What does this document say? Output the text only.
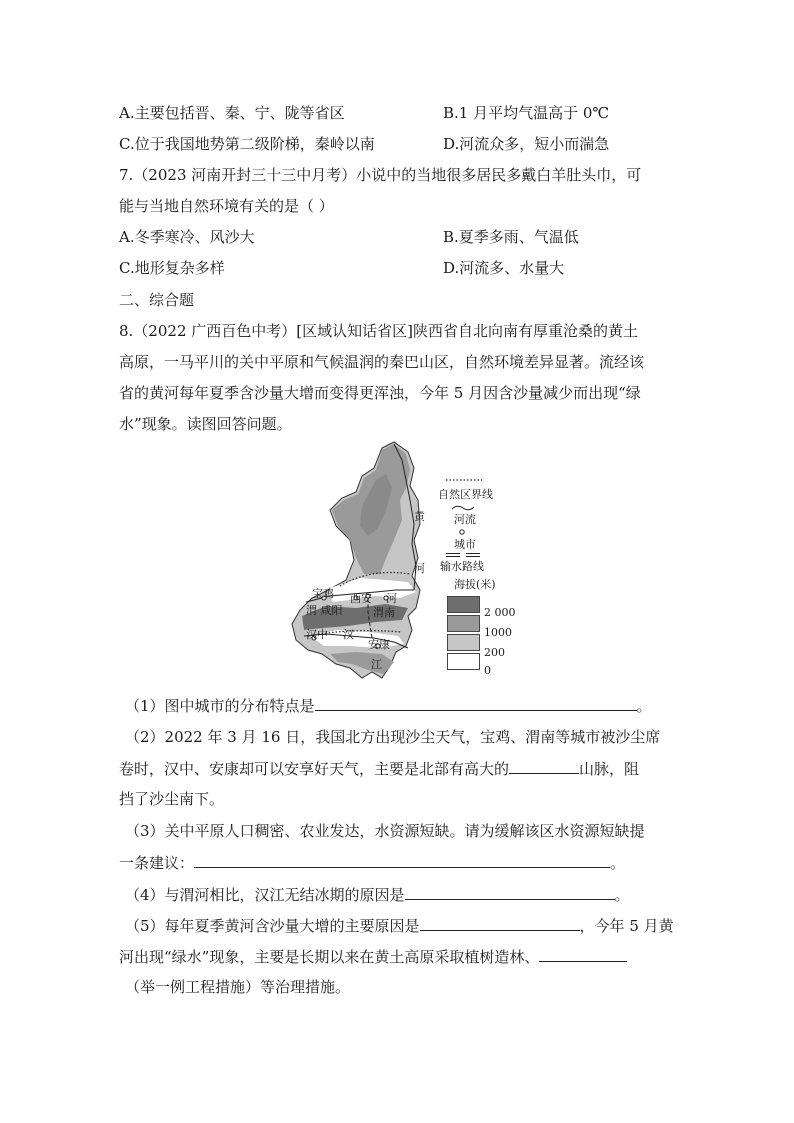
A.主要包括晋、秦、宁、陇等省区	B.1 月平均气温高于 0℃
C.位于我国地势第二级阶梯，秦岭以南	D.河流众多，短小而湍急
7.（2023 河南开封三十三中月考）小说中的当地很多居民多戴白羊肚头巾，可
能与当地自然环境有关的是（ ）
A.冬季寒冷、风沙大	B.夏季多雨、气温低
C.地形复杂多样	D.河流多、水量大
二、综合题
8.（2022 广西百色中考）[区域认知话省区]陕西省自北向南有厚重沧桑的黄土
高原，一马平川的关中平原和气候温润的秦巴山区，自然环境差异显著。流经该
省的黄河每年夏季含沙量大增而变得更浑浊，今年 5 月因含沙量减少而出现“绿
水”现象。读图回答问题。
黄
河
宝鸡 西安 河
渭 咸阳	渭南
汉中 汉
安康
江
自然区界线
河流
城市
输水路线
海拔(米)
2 000
1000
200
0
（1）图中城市的分布特点是	。
（2）2022 年 3 月 16 日，我国北方出现沙尘天气，宝鸡、渭南等城市被沙尘席
卷时，汉中、安康却可以安享好天气，主要是北部有高大的	山脉，阻
挡了沙尘南下。
（3）关中平原人口稠密、农业发达，水资源短缺。请为缓解该区水资源短缺提
一条建议：	。
（4）与渭河相比，汉江无结冰期的原因是	。
（5）每年夏季黄河含沙量大增的主要原因是	，今年 5 月黄
河出现“绿水”现象，主要是长期以来在黄土高原采取植树造林、
（举一例工程措施）等治理措施。
